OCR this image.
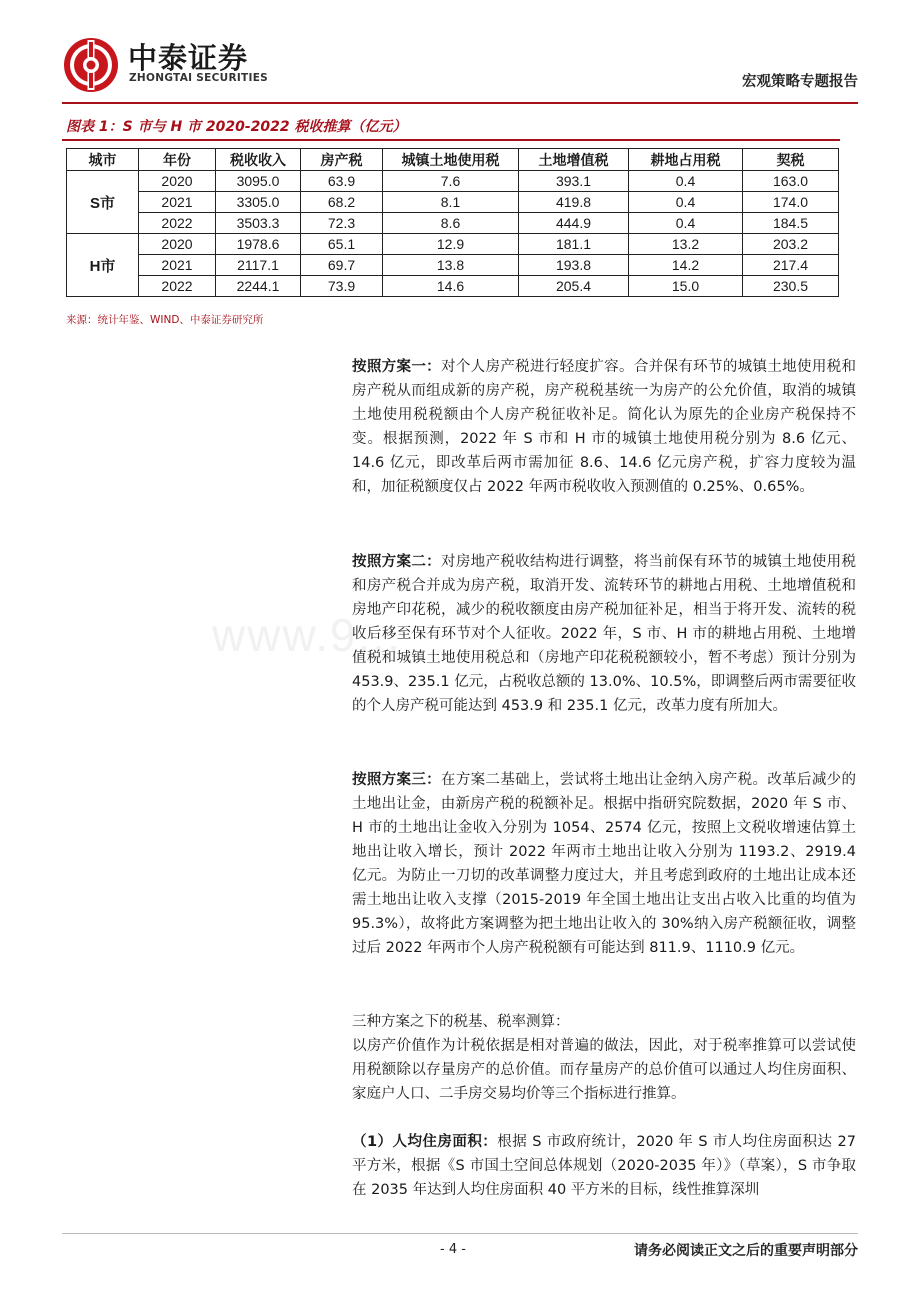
中泰证券
ZHONGTAI SECURITIES	宏观策略专题报告
图表 1：S 市与 H 市 2020-2022 税收推算（亿元）
城市	年份	税收收入	房产税	城镇土地使用税	土地增值税	耕地占用税	契税
S市	2020	3095.0	63.9	7.6	393.1	0.4	163.0
	2021	3305.0	68.2	8.1	419.8	0.4	174.0
	2022	3503.3	72.3	8.6	444.9	0.4	184.5
H市	2020	1978.6	65.1	12.9	181.1	13.2	203.2
	2021	2117.1	69.7	13.8	193.8	14.2	217.4
	2022	2244.1	73.9	14.6	205.4	15.0	230.5
来源：统计年鉴、WIND、中泰证券研究所
www.9...

按照方案一：对个人房产税进行轻度扩容。合并保有环节的城镇土地使用税和房产税从而组成新的房产税，房产税税基统一为房产的公允价值，取消的城镇土地使用税税额由个人房产税征收补足。简化认为原先的企业房产税保持不变。根据预测，2022 年 S 市和 H 市的城镇土地使用税分别为 8.6 亿元、14.6 亿元，即改革后两市需加征 8.6、14.6 亿元房产税，扩容力度较为温和，加征税额度仅占 2022 年两市税收收入预测值的 0.25%、0.65%。

按照方案二：对房地产税收结构进行调整，将当前保有环节的城镇土地使用税和房产税合并成为房产税，取消开发、流转环节的耕地占用税、土地增值税和房地产印花税，减少的税收额度由房产税加征补足，相当于将开发、流转的税收后移至保有环节对个人征收。2022 年，S 市、H 市的耕地占用税、土地增值税和城镇土地使用税总和（房地产印花税税额较小，暂不考虑）预计分别为 453.9、235.1 亿元，占税收总额的 13.0%、10.5%，即调整后两市需要征收的个人房产税可能达到 453.9 和 235.1 亿元，改革力度有所加大。

按照方案三：在方案二基础上，尝试将土地出让金纳入房产税。改革后减少的土地出让金，由新房产税的税额补足。根据中指研究院数据，2020 年 S 市、H 市的土地出让金收入分别为 1054、2574 亿元，按照上文税收增速估算土地出让收入增长，预计 2022 年两市土地出让收入分别为 1193.2、2919.4 亿元。为防止一刀切的改革调整力度过大，并且考虑到政府的土地出让成本还需土地出让收入支撑（2015-2019 年全国土地出让支出占收入比重的均值为 95.3%），故将此方案调整为把土地出让收入的 30%纳入房产税额征收，调整过后 2022 年两市个人房产税税额有可能达到 811.9、1110.9 亿元。

三种方案之下的税基、税率测算：

以房产价值作为计税依据是相对普遍的做法，因此，对于税率推算可以尝试使用税额除以存量房产的总价值。而存量房产的总价值可以通过人均住房面积、家庭户人口、二手房交易均价等三个指标进行推算。

（1）人均住房面积：根据 S 市政府统计，2020 年 S 市人均住房面积达 27 平方米，根据《S 市国土空间总体规划（2020-2035 年）》（草案），S 市争取在 2035 年达到人均住房面积 40 平方米的目标，线性推算深圳

- 4 -	请务必阅读正文之后的重要声明部分
